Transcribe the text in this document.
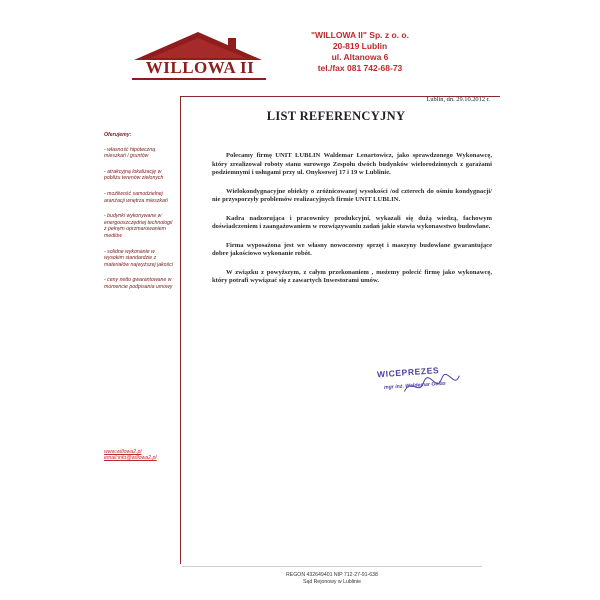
WILLOWA II
"WILLOWA II" Sp. z o. o.
20-819 Lublin
ul. Altanowa 6
tel./fax 081 742-68-73
Oferujemy:
- własność hipoteczną mieszkań i gruntów
- atrakcyjną lokalizację w pobliżu terenów zielonych
- możliwość samodzielnej aranżacji wnętrza mieszkań
- budynki wykonywane w energooszczędnej technologii z pełnym oprzmarowaniem mediów
- solidne wykonanie w wysokim standardzie z materiałów najwyższej jakości
- ceny netto gwarantowane w momencie podpisania umowy
www.willowa2.pl
email:info@willowa2.pl
Lublin, dn. 29.10.2012 r.
LIST REFERENCYJNY

Polecamy firmę UNIT LUBLIN Waldemar Lenartowicz, jako sprawdzonego Wykonawcę, który zrealizował roboty stanu surowego Zespołu dwóch budynków wielorodzinnych z garażami podziemnymi i usługami przy ul. Onyksowej 17 i 19 w Lublinie.

Wielokondygnacyjne obiekty o zróżnicowanej wysokości /od czterech do ośmiu kondygnacji/ nie przysporzyły problemów realizacyjnych firmie UNIT LUBLIN.

Kadra nadzorująca i pracownicy produkcyjni, wykazali się dużą wiedzą, fachowym doświadczeniem i zaangażowaniem w rozwiązywaniu zadań jakie stawia wykonawstwo budowlane.

Firma wyposażona jest we własny nowoczesny sprzęt i maszyny budowlane gwarantujące dobre jakościowo wykonanie robót.

W związku z powyższym, z całym przekonaniem , możemy polecić firmę jako wykonawcę, który potrafi wywiązać się z zawartych Inwestorami umów.

WICEPREZES
mgr inż. Waldemar Gołas
REGON 432649401 NIP 712-27-91-638
Sąd Rejonowy w Lublinie
